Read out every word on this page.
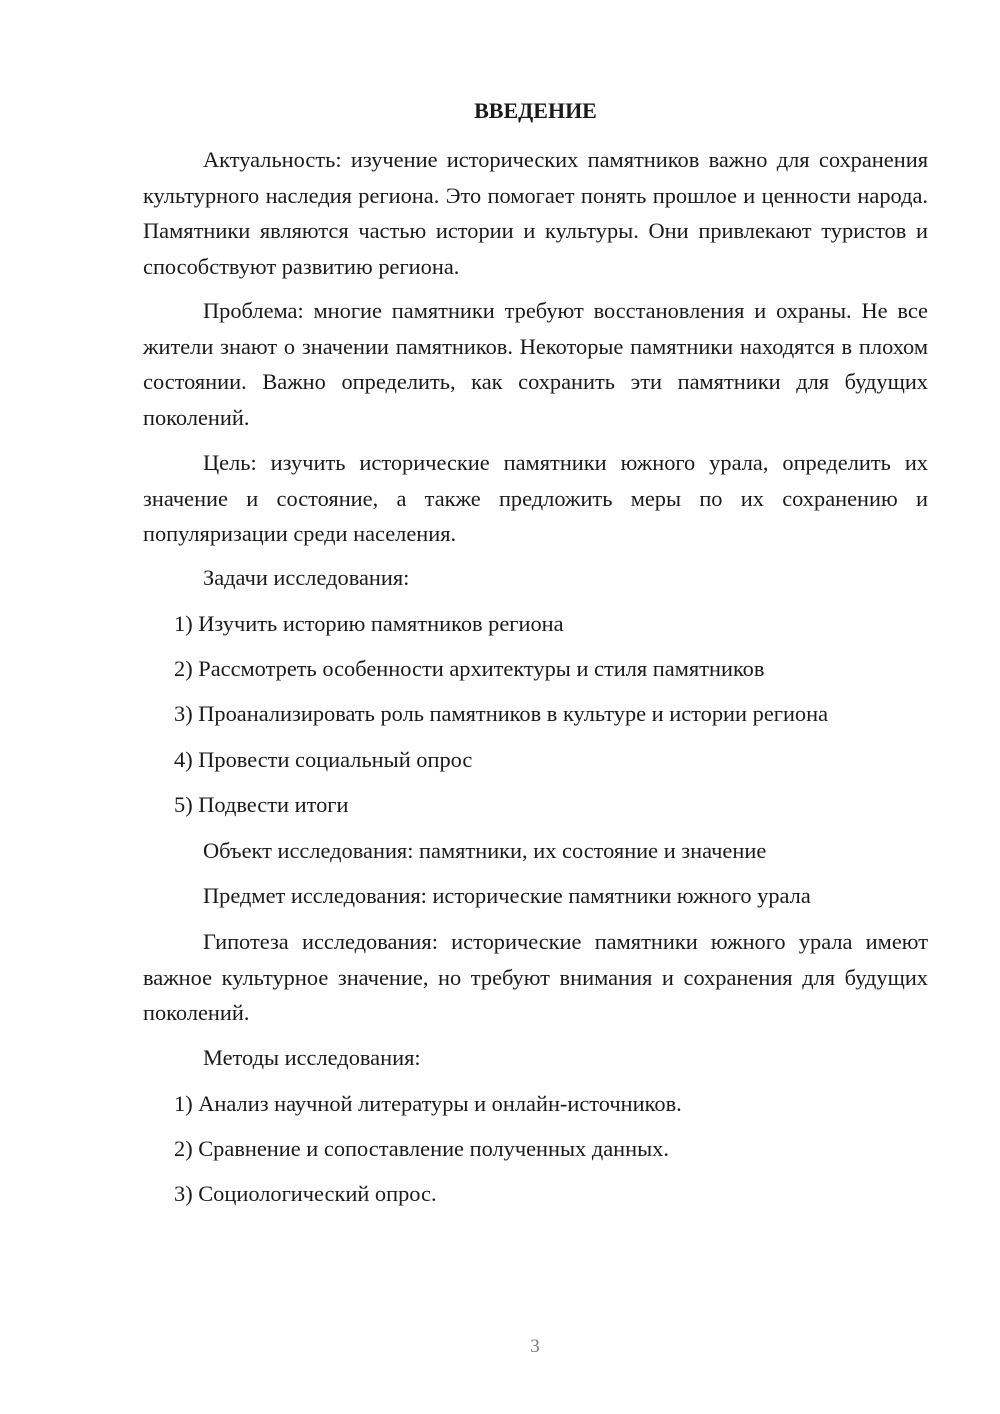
ВВЕДЕНИЕ

Актуальность: изучение исторических памятников важно для сохранения культурного наследия региона. Это помогает понять прошлое и ценности народа. Памятники являются частью истории и культуры. Они привлекают туристов и способствуют развитию региона.

Проблема: многие памятники требуют восстановления и охраны. Не все жители знают о значении памятников. Некоторые памятники находятся в плохом состоянии. Важно определить, как сохранить эти памятники для будущих поколений.

Цель: изучить исторические памятники южного урала, определить их значение и состояние, а также предложить меры по их сохранению и популяризации среди населения.

Задачи исследования:

1) Изучить историю памятников региона

2) Рассмотреть особенности архитектуры и стиля памятников

3) Проанализировать роль памятников в культуре и истории региона

4) Провести социальный опрос

5) Подвести итоги

Объект исследования: памятники, их состояние и значение

Предмет исследования: исторические памятники южного урала

Гипотеза исследования: исторические памятники южного урала имеют важное культурное значение, но требуют внимания и сохранения для будущих поколений.

Методы исследования:

1) Анализ научной литературы и онлайн-источников.

2) Сравнение и сопоставление полученных данных.

3) Социологический опрос.

3
